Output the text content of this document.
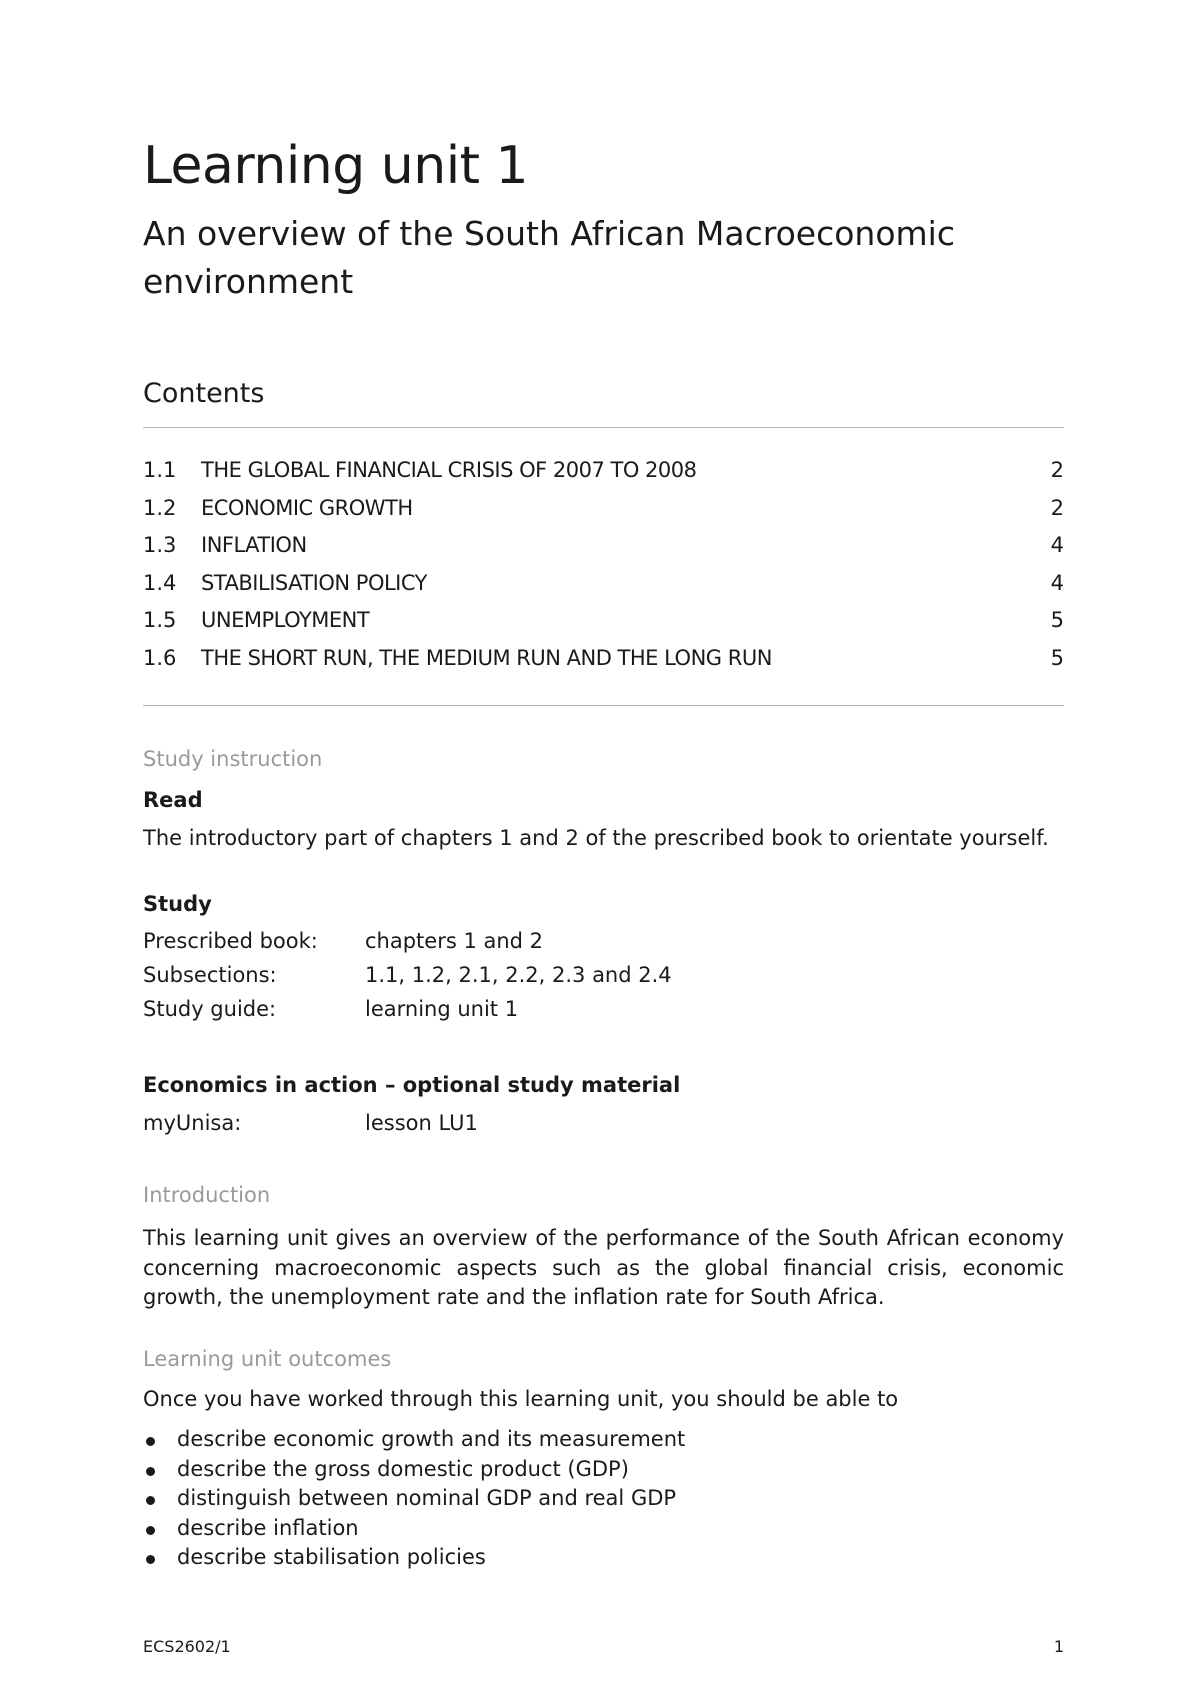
Learning unit 1
An overview of the South African Macroeconomic environment
Contents
1.1 THE GLOBAL FINANCIAL CRISIS OF 2007 TO 2008	2
1.2 ECONOMIC GROWTH	2
1.3 INFLATION	4
1.4 STABILISATION POLICY	4
1.5 UNEMPLOYMENT	5
1.6 THE SHORT RUN, THE MEDIUM RUN AND THE LONG RUN	5
Study instruction
Read

The introductory part of chapters 1 and 2 of the prescribed book to orientate yourself.

Study
Prescribed book: chapters 1 and 2
Subsections:	1.1, 1.2, 2.1, 2.2, 2.3 and 2.4
Study guide:	learning unit 1
Economics in action – optional study material
myUnisa:	lesson LU1
Introduction

This learning unit gives an overview of the performance of the South African economy concerning macroeconomic aspects such as the global financial crisis, economic growth, the unemployment rate and the inflation rate for South Africa.

Learning unit outcomes

Once you have worked through this learning unit, you should be able to

describe economic growth and its measurement
describe the gross domestic product (GDP)
distinguish between nominal GDP and real GDP
describe inflation
describe stabilisation policies
ECS2602/1	1
